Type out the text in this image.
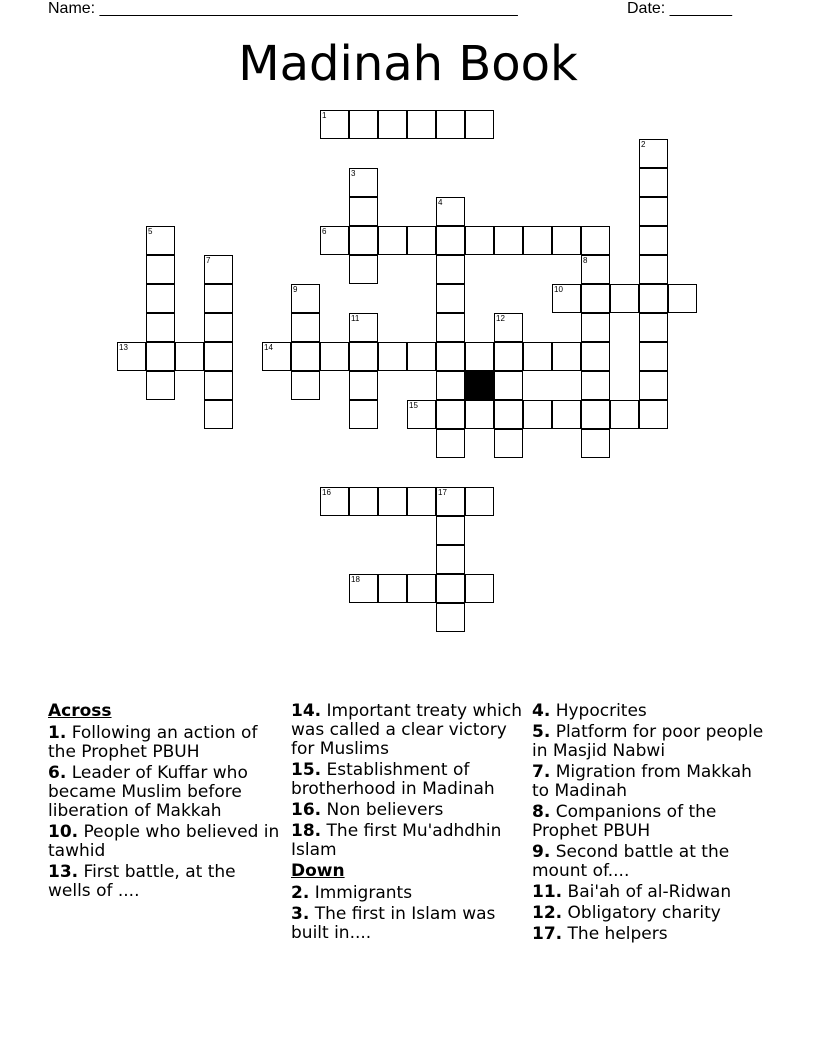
Name: _______________________________________________	Date: _______
Madinah Book
1
2
3
4
5	6
7	8
9	10
11	12
13	14
15
16	17
18
Across
1. Following an action of the Prophet PBUH
6. Leader of Kuffar who became Muslim before liberation of Makkah
10. People who believed in tawhid
13. First battle, at the wells of ....
14. Important treaty which was called a clear victory for Muslims
15. Establishment of brotherhood in Madinah
16. Non believers
18. The first Mu'adhdhin Islam
Down
2. Immigrants
3. The first in Islam was built in....
4. Hypocrites
5. Platform for poor people in Masjid Nabwi
7. Migration from Makkah to Madinah
8. Companions of the Prophet PBUH
9. Second battle at the mount of....
11. Bai'ah of al-Ridwan
12. Obligatory charity
17. The helpers
